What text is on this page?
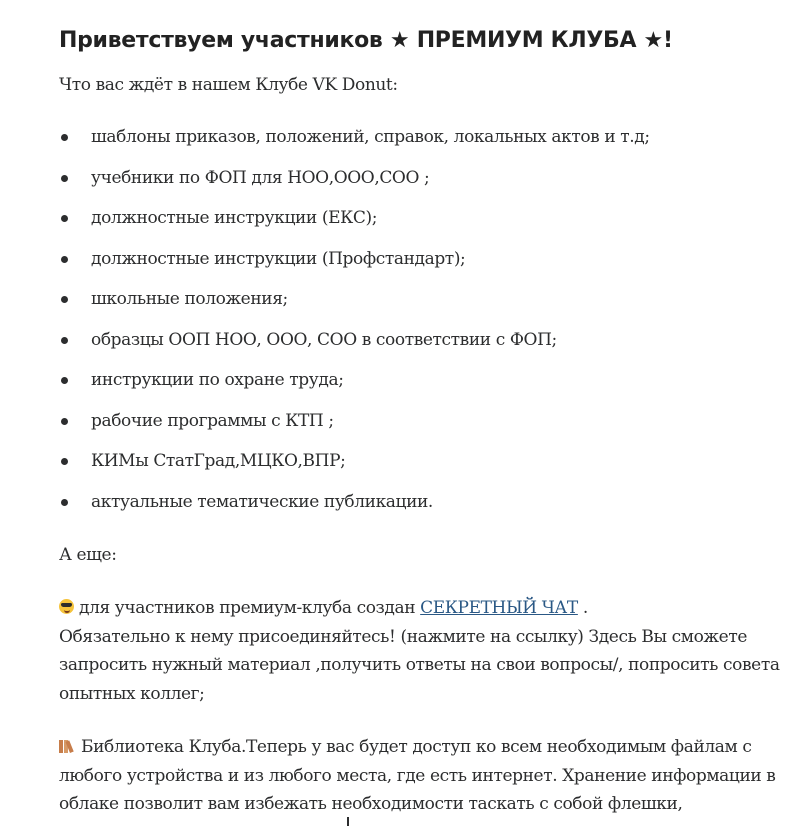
Приветствуем участников ★ ПРЕМИУМ КЛУБА ★!

Что вас ждёт в нашем Клубе VK Donut:

шаблоны приказов, положений, справок, локальных актов и т.д;
учебники по ФОП для НОО,ООО,СОО ;
должностные инструкции (ЕКС);
должностные инструкции (Профстандарт);
школьные положения;
образцы ООП НОО, ООО, СОО в соответствии с ФОП;
инструкции по охране труда;
рабочие программы с КТП ;
КИМы СтатГрад,МЦКО,ВПР;
актуальные тематические публикации.

А еще:

для участников премиум-клуба создан СЕКРЕТНЫЙ ЧАТ .
Обязательно к нему присоединяйтесь! (нажмите на ссылку) Здесь Вы сможете запросить нужный материал ,получить ответы на свои вопросы/, попросить совета опытных коллег;

Библиотека Клуба.Теперь у вас будет доступ ко всем необходимым файлам с любого устройства и из любого места, где есть интернет. Хранение информации в облаке позволит вам избежать необходимости таскать с собой флешки,
